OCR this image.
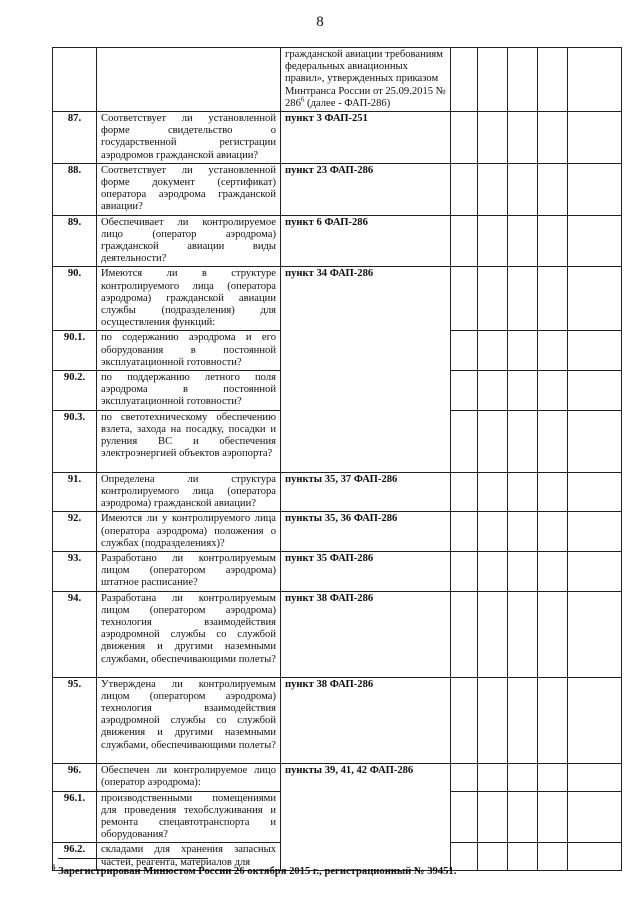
8
		гражданской авиации требованиям федеральных авиационных правил», утвержденных приказом Минтранса России от 25.09.2015 № $286^6$ (далее - ФАП-286)					
87.	Соответствует ли установленной форме свидетельство о государственной регистрации аэродромов гражданской авиации?	пункт 3 ФАП-251					
88.	Соответствует ли установленной форме документ (сертификат) оператора аэродрома гражданской авиации?	пункт 23 ФАП-286					
89.	Обеспечивает ли контролируемое лицо (оператор аэродрома) гражданской авиации виды деятельности?	пункт 6 ФАП-286					
90.	Имеются ли в структуре контролируемого лица (оператора аэродрома) гражданской авиации службы (подразделения) для осуществления функций:	пункт 34 ФАП-286					
90.1.	по содержанию аэродрома и его оборудования в постоянной эксплуатационной готовности?						
90.2.	по поддержанию летного поля аэродрома в постоянной эксплуатационной готовности?						
90.3.	по светотехническому обеспечению взлета, захода на посадку, посадки и руления ВС и обеспечения электроэнергией объектов аэропорта?						
91.	Определена ли структура контролируемого лица (оператора аэродрома) гражданской авиации?	пункты 35, 37 ФАП-286					
92.	Имеются ли у контролируемого лица (оператора аэродрома) положения о службах (подразделениях)?	пункты 35, 36 ФАП-286					
93.	Разработано ли контролируемым лицом (оператором аэродрома) штатное расписание?	пункт 35 ФАП-286					
94.	Разработана ли контролируемым лицом (оператором аэродрома) технология взаимодействия аэродромной службы со службой движения и другими наземными службами, обеспечивающими полеты?	пункт 38 ФАП-286					
95.	Утверждена ли контролируемым лицом (оператором аэродрома) технология взаимодействия аэродромной службы со службой движения и другими наземными службами, обеспечивающими полеты?	пункт 38 ФАП-286					
96.	Обеспечен ли контролируемое лицо (оператор аэродрома):	пункты 39, 41, 42 ФАП-286					
96.1.	производственными помещениями для проведения техобслуживания и ремонта спецавтотранспорта и оборудования?						
96.2.	складами для хранения запасных частей, реагента, материалов для						
$^6$ Зарегистрирован Минюстом России 26 октября 2015 г., регистрационный № 39451.
